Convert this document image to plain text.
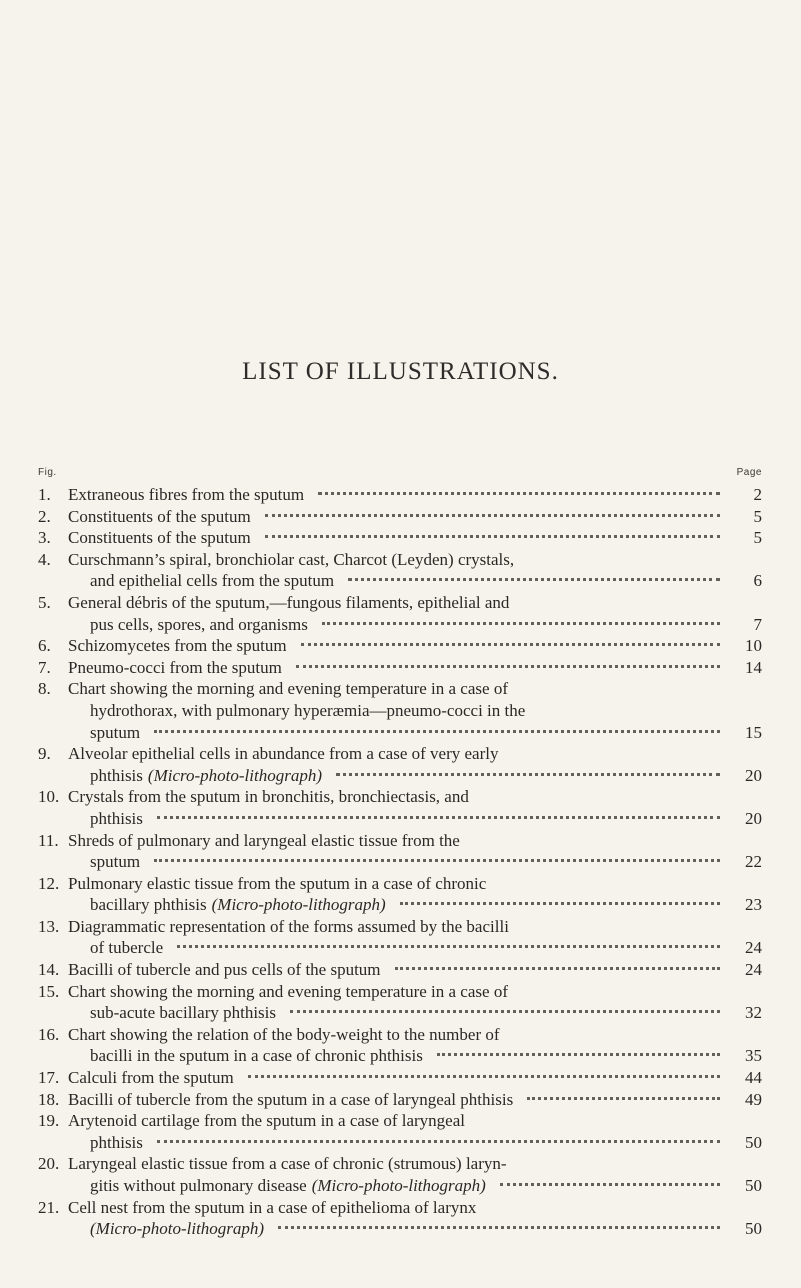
LIST OF ILLUSTRATIONS.
Fig.	Page
1.	Extraneous fibres from the sputum	2
2.	Constituents of the sputum	5
3.	Constituents of the sputum	5
4.	Curschmann’s spiral, bronchiolar cast, Charcot (Leyden) crystals,
and epithelial cells from the sputum	6
5.	General débris of the sputum,—fungous filaments, epithelial and
pus cells, spores, and organisms	7
6.	Schizomycetes from the sputum	10
7.	Pneumo-cocci from the sputum	14
8.	Chart showing the morning and evening temperature in a case of
hydrothorax, with pulmonary hyperæmia—pneumo-cocci in the
sputum	15
9.	Alveolar epithelial cells in abundance from a case of very early
phthisis (Micro-photo-lithograph)	20
10. Crystals from the sputum in bronchitis, bronchiectasis, and
phthisis	20
11. Shreds of pulmonary and laryngeal elastic tissue from the
sputum	22
12. Pulmonary elastic tissue from the sputum in a case of chronic
bacillary phthisis (Micro-photo-lithograph)	23
13. Diagrammatic representation of the forms assumed by the bacilli
of tubercle	24
14. Bacilli of tubercle and pus cells of the sputum	24
15. Chart showing the morning and evening temperature in a case of
sub-acute bacillary phthisis	32
16. Chart showing the relation of the body-weight to the number of
bacilli in the sputum in a case of chronic phthisis	35
17. Calculi from the sputum	44
18. Bacilli of tubercle from the sputum in a case of laryngeal phthisis	49
19. Arytenoid cartilage from the sputum in a case of laryngeal
phthisis	50
20. Laryngeal elastic tissue from a case of chronic (strumous) laryn-
gitis without pulmonary disease (Micro-photo-lithograph)	50
21. Cell nest from the sputum in a case of epithelioma of larynx
(Micro-photo-lithograph)	50
